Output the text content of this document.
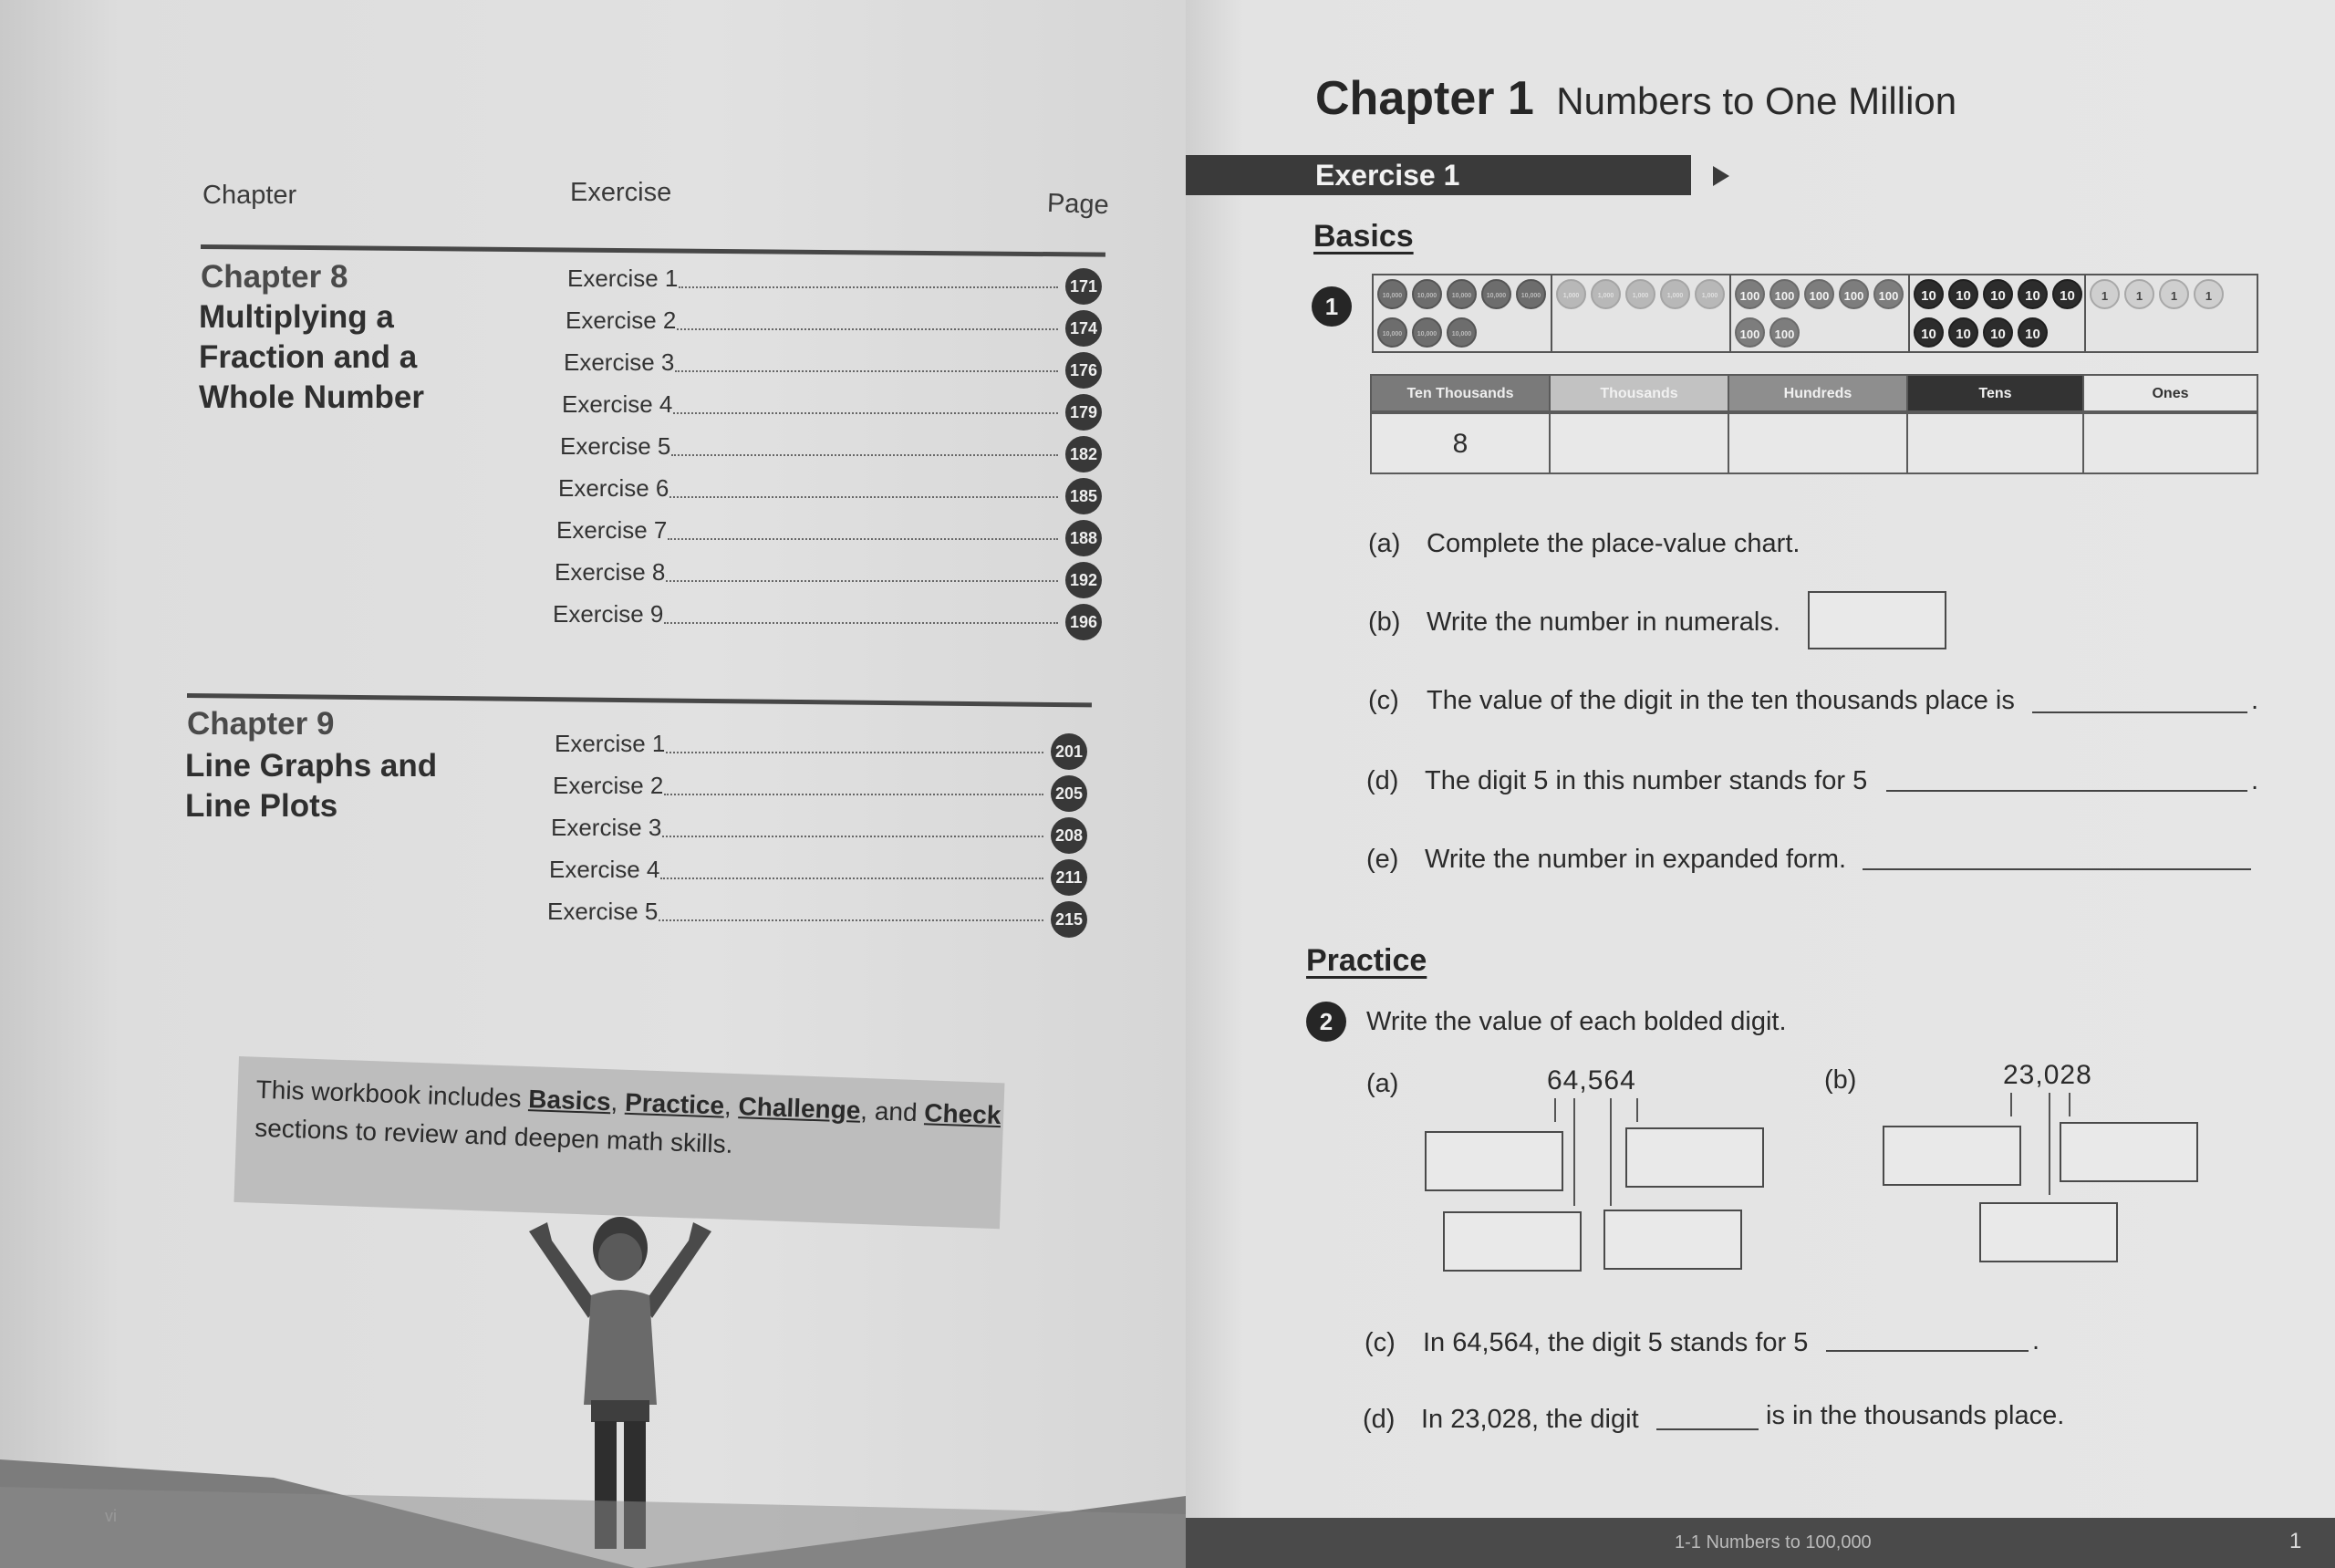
Chapter	Exercise	Page
Chapter 8
Multiplying a
Fraction and a
Whole Number
Exercise 1	171
Exercise 2	174
Exercise 3	176
Exercise 4	179
Exercise 5	182
Exercise 6	185
Exercise 7	188
Exercise 8	192
Exercise 9	196
Chapter 9
Line Graphs and
Line Plots
Exercise 1	201
Exercise 2	205
Exercise 3	208
Exercise 4	211
Exercise 5	215
This workbook includes Basics, Practice, Challenge, and Check
sections to review and deepen math skills.
vi
Chapter 1 Numbers to One Million
Exercise 1
Basics
1	10,000	10,000	10,000	10,000	10,000
10,000	10,000	10,000
1,000	1,000	1,000	1,000	1,000	100	100	100	100	100
100	100
10	10	10	10	10
10	10	10	10
1	1	1	1
Ten Thousands	Thousands	Hundreds	Tens	Ones
8
(a) Complete the place-value chart.
(b) Write the number in numerals.
(c) The value of the digit in the ten thousands place is	.
(d) The digit 5 in this number stands for 5	.
(e) Write the number in expanded form.
Practice
2	Write the value of each bolded digit.
(a)	64,564	(b)	23,028
(c) In 64,564, the digit 5 stands for 5	.
(d) In 23,028, the digit	is in the thousands place.
1-1 Numbers to 100,000	1
